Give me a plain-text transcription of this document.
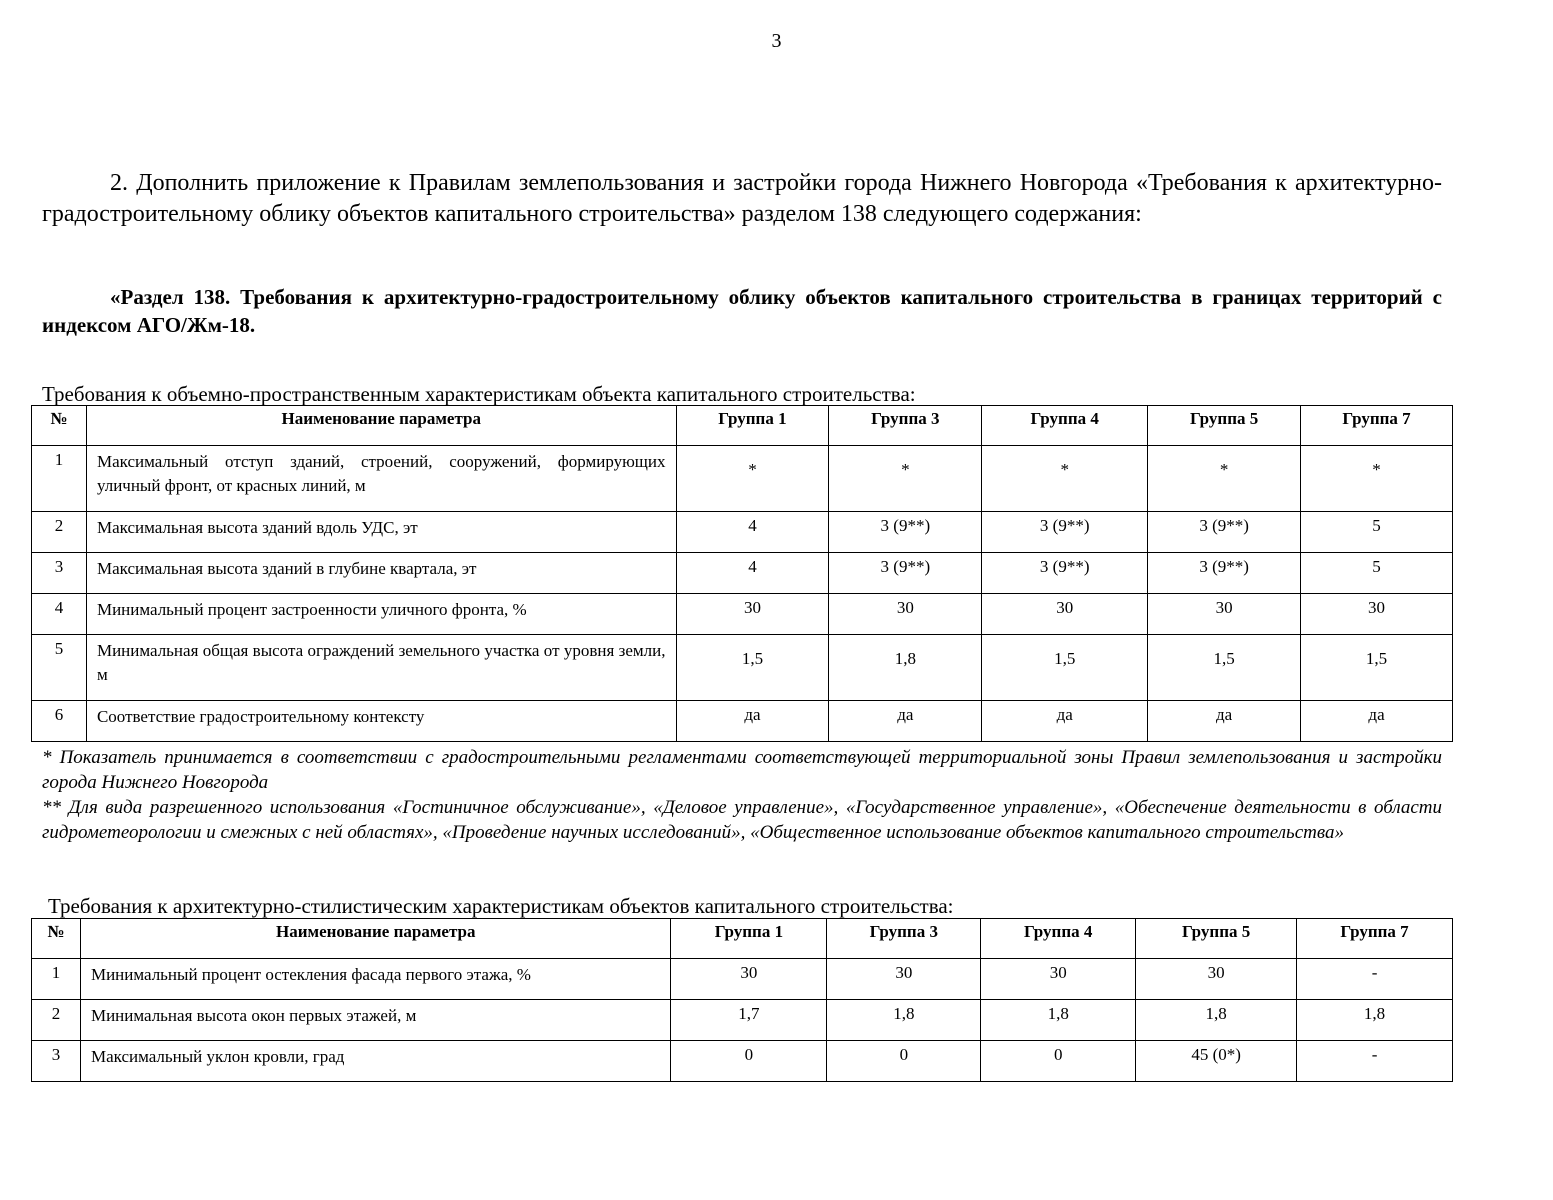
3
2. Дополнить приложение к Правилам землепользования и застройки города Нижнего Новгорода «Требования к архитектурно-градостроительному облику объектов капитального строительства» разделом 138 следующего содержания:
«Раздел 138. Требования к архитектурно-градостроительному облику объектов капитального строительства в границах территорий с индексом АГО/Жм-18.
Требования к объемно-пространственным характеристикам объекта капитального строительства:
№	Наименование параметра	Группа 1	Группа 3	Группа 4	Группа 5	Группа 7
1	Максимальный отступ зданий, строений, сооружений, формирующих уличный фронт, от красных линий, м	*	*	*	*	*
2	Максимальная высота зданий вдоль УДС, эт	4	3 (9**)	3 (9**)	3 (9**)	5
3	Максимальная высота зданий в глубине квартала, эт	4	3 (9**)	3 (9**)	3 (9**)	5
4	Минимальный процент застроенности уличного фронта, %	30	30	30	30	30
5	Минимальная общая высота ограждений земельного участка от уровня земли, м	1,5	1,8	1,5	1,5	1,5
6	Соответствие градостроительному контексту	да	да	да	да	да

* Показатель принимается в соответствии с градостроительными регламентами соответствующей территориальной зоны Правил землепользования и застройки города Нижнего Новгорода

** Для вида разрешенного использования «Гостиничное обслуживание», «Деловое управление», «Государственное управление», «Обеспечение деятельности в области гидрометеорологии и смежных с ней областях», «Проведение научных исследований», «Общественное использование объектов капитального строительства»

Требования к архитектурно-стилистическим характеристикам объектов капитального строительства:
№	Наименование параметра	Группа 1	Группа 3	Группа 4	Группа 5	Группа 7
1	Минимальный процент остекления фасада первого этажа, %	30	30	30	30	-
2	Минимальная высота окон первых этажей, м	1,7	1,8	1,8	1,8	1,8
3	Максимальный уклон кровли, град	0	0	0	45 (0*)	-
